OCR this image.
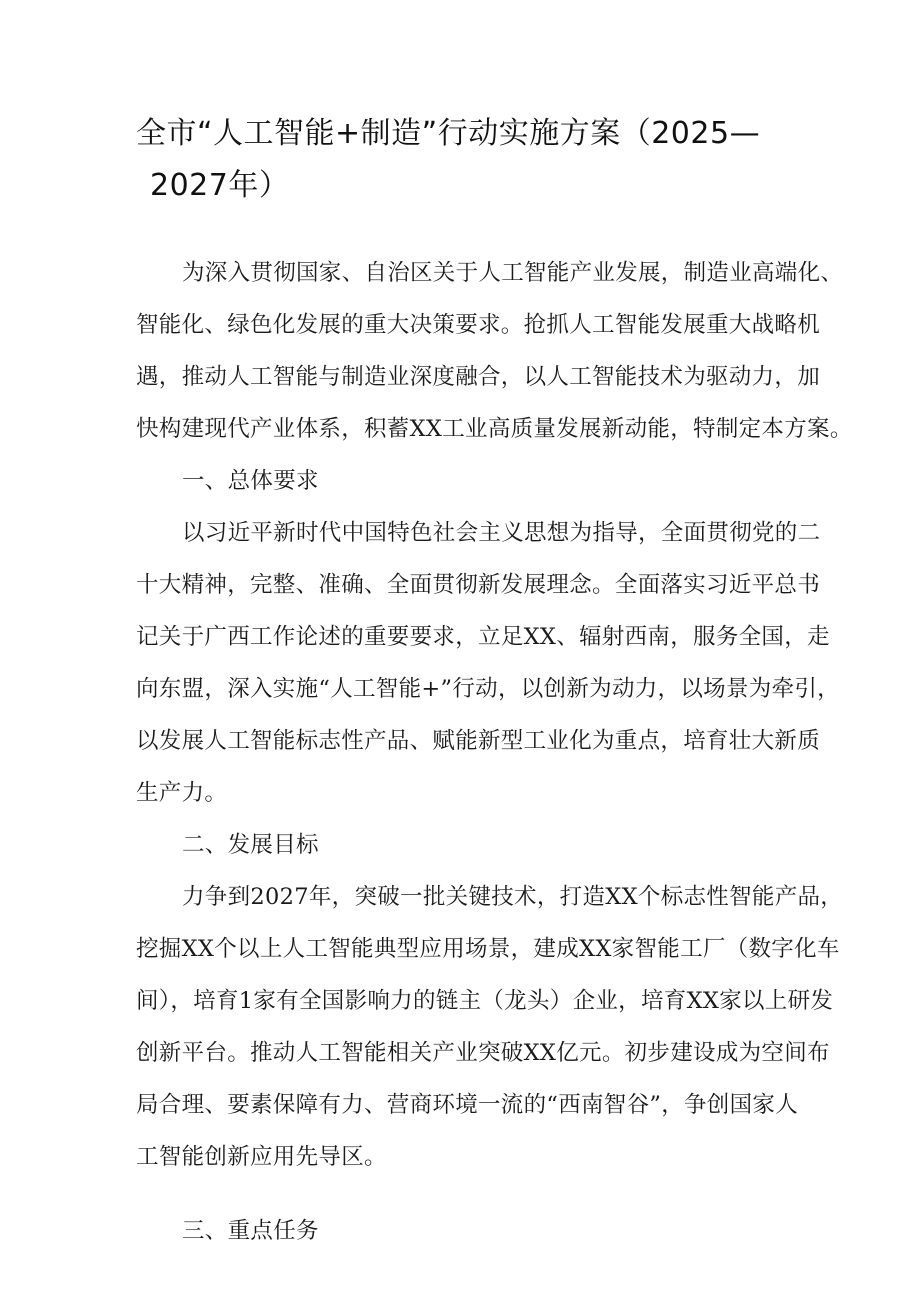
全市“人工智能+制造”行动实施方案（2025—
2027年）

为深入贯彻国家、自治区关于人工智能产业发展，制造业高端化、

智能化、绿色化发展的重大决策要求。抢抓人工智能发展重大战略机

遇，推动人工智能与制造业深度融合，以人工智能技术为驱动力，加

快构建现代产业体系，积蓄XX工业高质量发展新动能，特制定本方案。

一、总体要求

以习近平新时代中国特色社会主义思想为指导，全面贯彻党的二

十大精神，完整、准确、全面贯彻新发展理念。全面落实习近平总书

记关于广西工作论述的重要要求，立足XX、辐射西南，服务全国，走

向东盟，深入实施“人工智能+”行动，以创新为动力，以场景为牵引，

以发展人工智能标志性产品、赋能新型工业化为重点，培育壮大新质

生产力。

二、发展目标

力争到2027年，突破一批关键技术，打造XX个标志性智能产品，

挖掘XX个以上人工智能典型应用场景，建成XX家智能工厂（数字化车

间），培育1家有全国影响力的链主（龙头）企业，培育XX家以上研发

创新平台。推动人工智能相关产业突破XX亿元。初步建设成为空间布

局合理、要素保障有力、营商环境一流的“西南智谷”，争创国家人

工智能创新应用先导区。

三、重点任务
